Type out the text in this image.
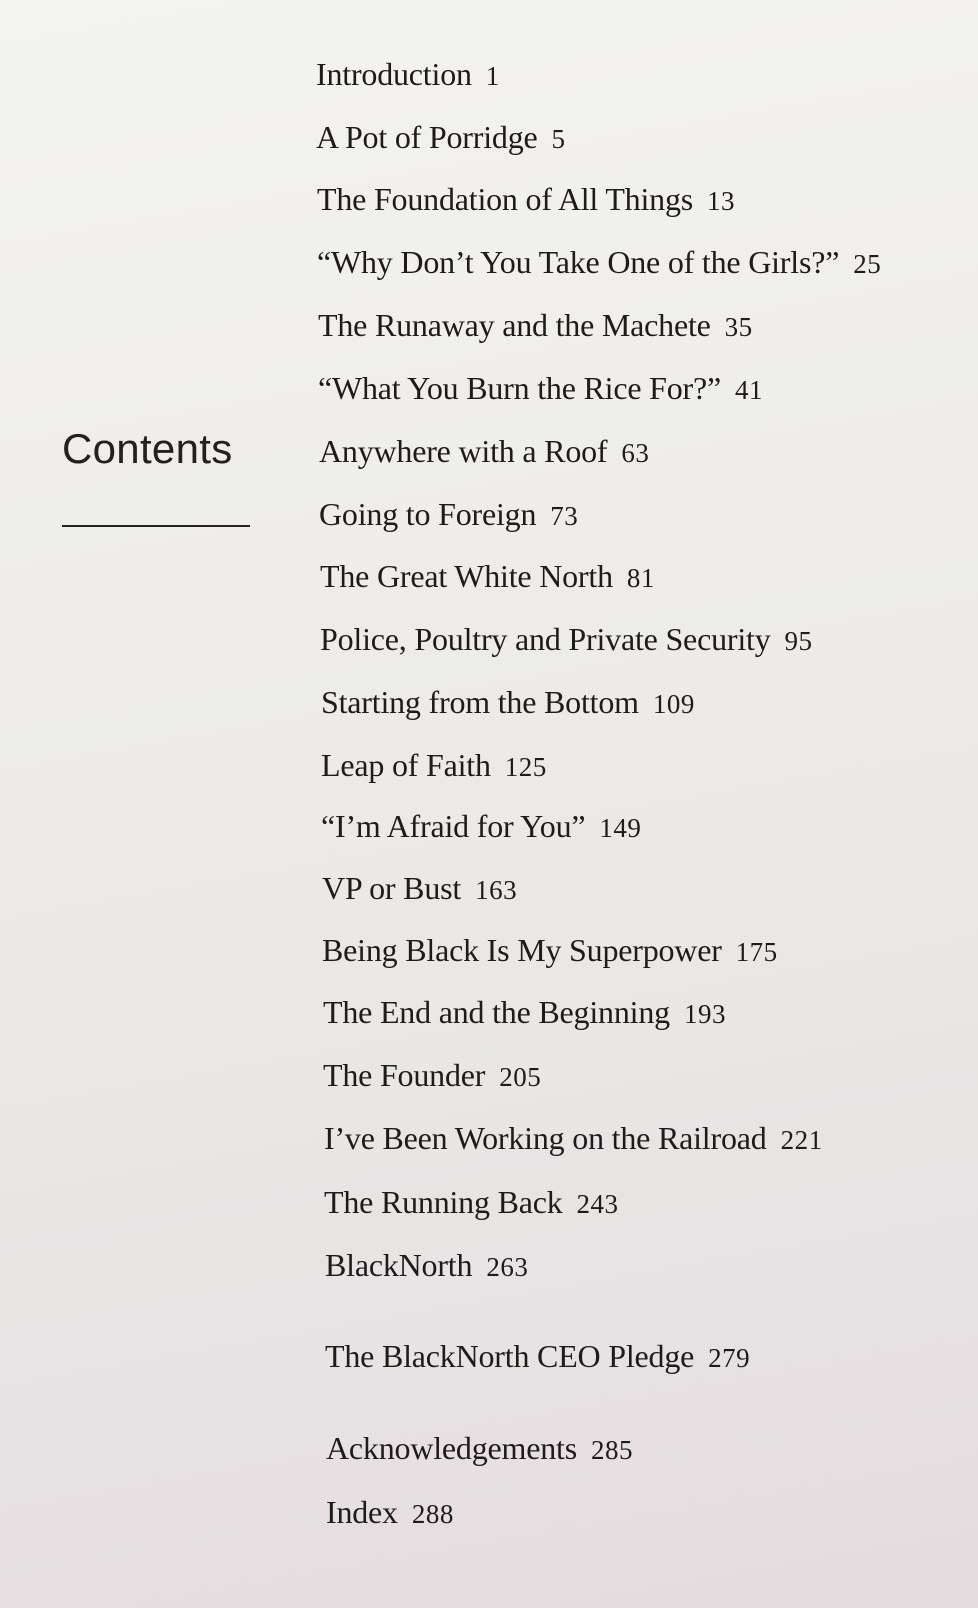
Contents
Introduction 1
A Pot of Porridge 5
The Foundation of All Things 13
“Why Don’t You Take One of the Girls?” 25
The Runaway and the Machete 35
“What You Burn the Rice For?” 41
Anywhere with a Roof 63
Going to Foreign 73
The Great White North 81
Police, Poultry and Private Security 95
Starting from the Bottom 109
Leap of Faith 125
“I’m Afraid for You” 149
VP or Bust 163
Being Black Is My Superpower 175
The End and the Beginning 193
The Founder 205
I’ve Been Working on the Railroad 221
The Running Back 243
BlackNorth 263
The BlackNorth CEO Pledge 279
Acknowledgements 285
Index 288
